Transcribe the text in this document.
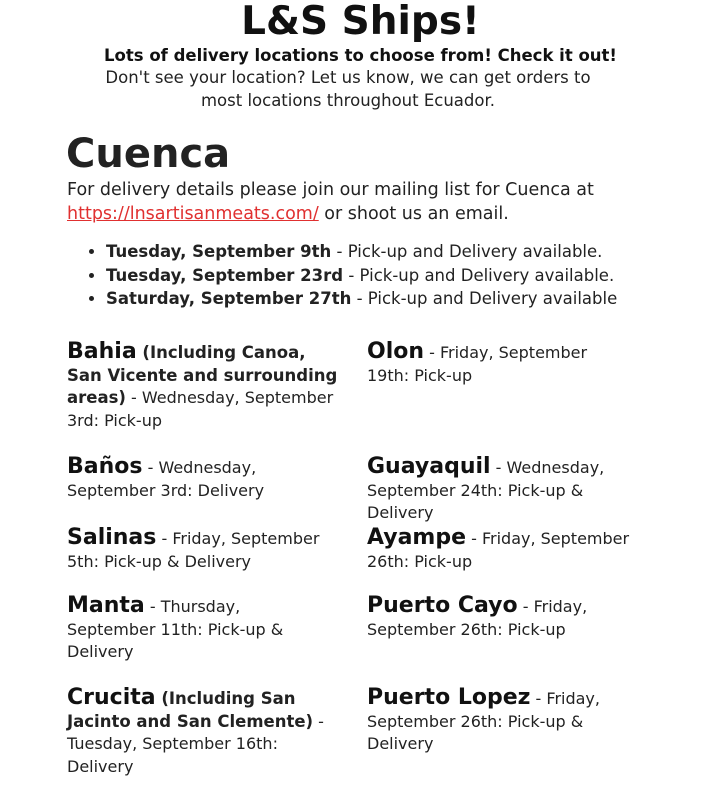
L&S Ships!
Lots of delivery locations to choose from! Check it out!
Don't see your location? Let us know, we can get orders to most locations throughout Ecuador.
Cuenca
For delivery details please join our mailing list for Cuenca at https://lnsartisanmeats.com/ or shoot us an email.
• Tuesday, September 9th - Pick-up and Delivery available.
• Tuesday, September 23rd - Pick-up and Delivery available.
• Saturday, September 27th - Pick-up and Delivery available
Bahia (Including Canoa, San Vicente and surrounding areas) - Wednesday, September 3rd: Pick-up
Baños - Wednesday, September 3rd: Delivery
Salinas - Friday, September 5th: Pick-up & Delivery
Manta - Thursday, September 11th: Pick-up & Delivery
Crucita (Including San Jacinto and San Clemente) - Tuesday, September 16th: Delivery
Olon - Friday, September 19th: Pick-up
Guayaquil - Wednesday, September 24th: Pick-up & Delivery
Ayampe - Friday, September 26th: Pick-up
Puerto Cayo - Friday, September 26th: Pick-up
Puerto Lopez - Friday, September 26th: Pick-up & Delivery
